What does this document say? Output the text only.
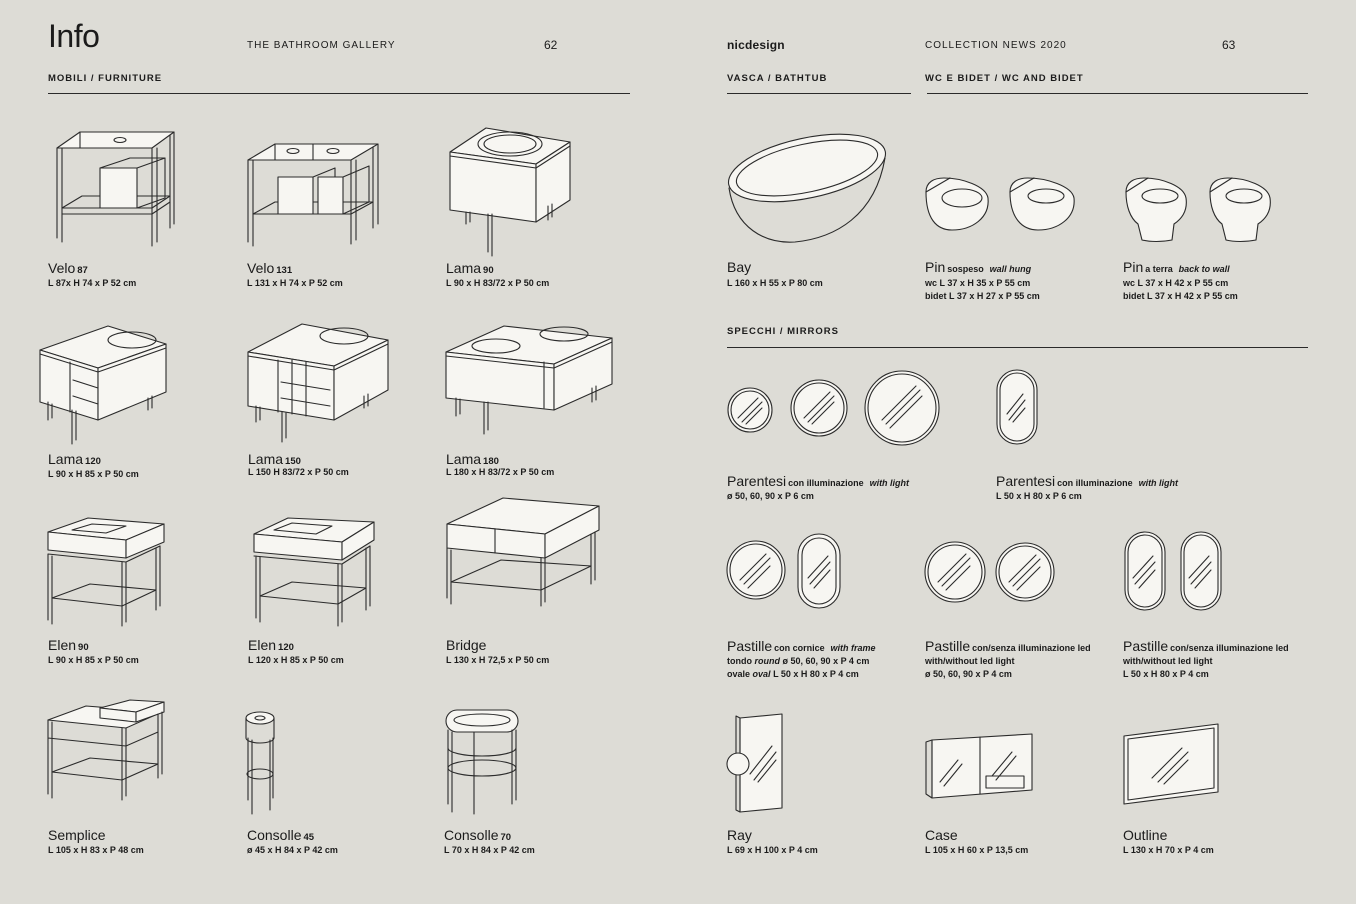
Info	THE BATHROOM GALLERY	62
MOBILI / FURNITURE
nicdesign	COLLECTION NEWS 2020	63
VASCA / BATHTUB	WC E BIDET / WC AND BIDET
SPECCHI / MIRRORS
Velo 87
L 87x H 74 x P 52 cm
Velo 131
L 131 x H 74 x P 52 cm
Lama 90
L 90 x H 83/72 x P 50 cm
Lama 120
L 90 x H 85 x P 50 cm
Lama 150
L 150 H 83/72 x P 50 cm
Lama 180
L 180 x H 83/72 x P 50 cm
Elen 90
L 90 x H 85 x P 50 cm
Elen 120
L 120 x H 85 x P 50 cm
Bridge
L 130 x H 72,5 x P 50 cm
Semplice
L 105 x H 83 x P 48 cm
Consolle 45
ø 45 x H 84 x P 42 cm
Consolle 70
L 70 x H 84 x P 42 cm
Bay
L 160 x H 55 x P 80 cm
Pin sospeso wall hung
wc L 37 x H 35 x P 55 cm
bidet L 37 x H 27 x P 55 cm
Pin a terra back to wall
wc L 37 x H 42 x P 55 cm
bidet L 37 x H 42 x P 55 cm
Parentesi con illuminazione with light
ø 50, 60, 90 x P 6 cm
Parentesi con illuminazione with light
L 50 x H 80 x P 6 cm
Pastille con cornice with frame
tondo round ø 50, 60, 90 x P 4 cm
ovale oval L 50 x H 80 x P 4 cm
Pastille con/senza illuminazione led
with/without led light
ø 50, 60, 90 x P 4 cm
Pastille con/senza illuminazione led
with/without led light
L 50 x H 80 x P 4 cm
Ray
L 69 x H 100 x P 4 cm
Case
L 105 x H 60 x P 13,5 cm
Outline
L 130 x H 70 x P 4 cm
